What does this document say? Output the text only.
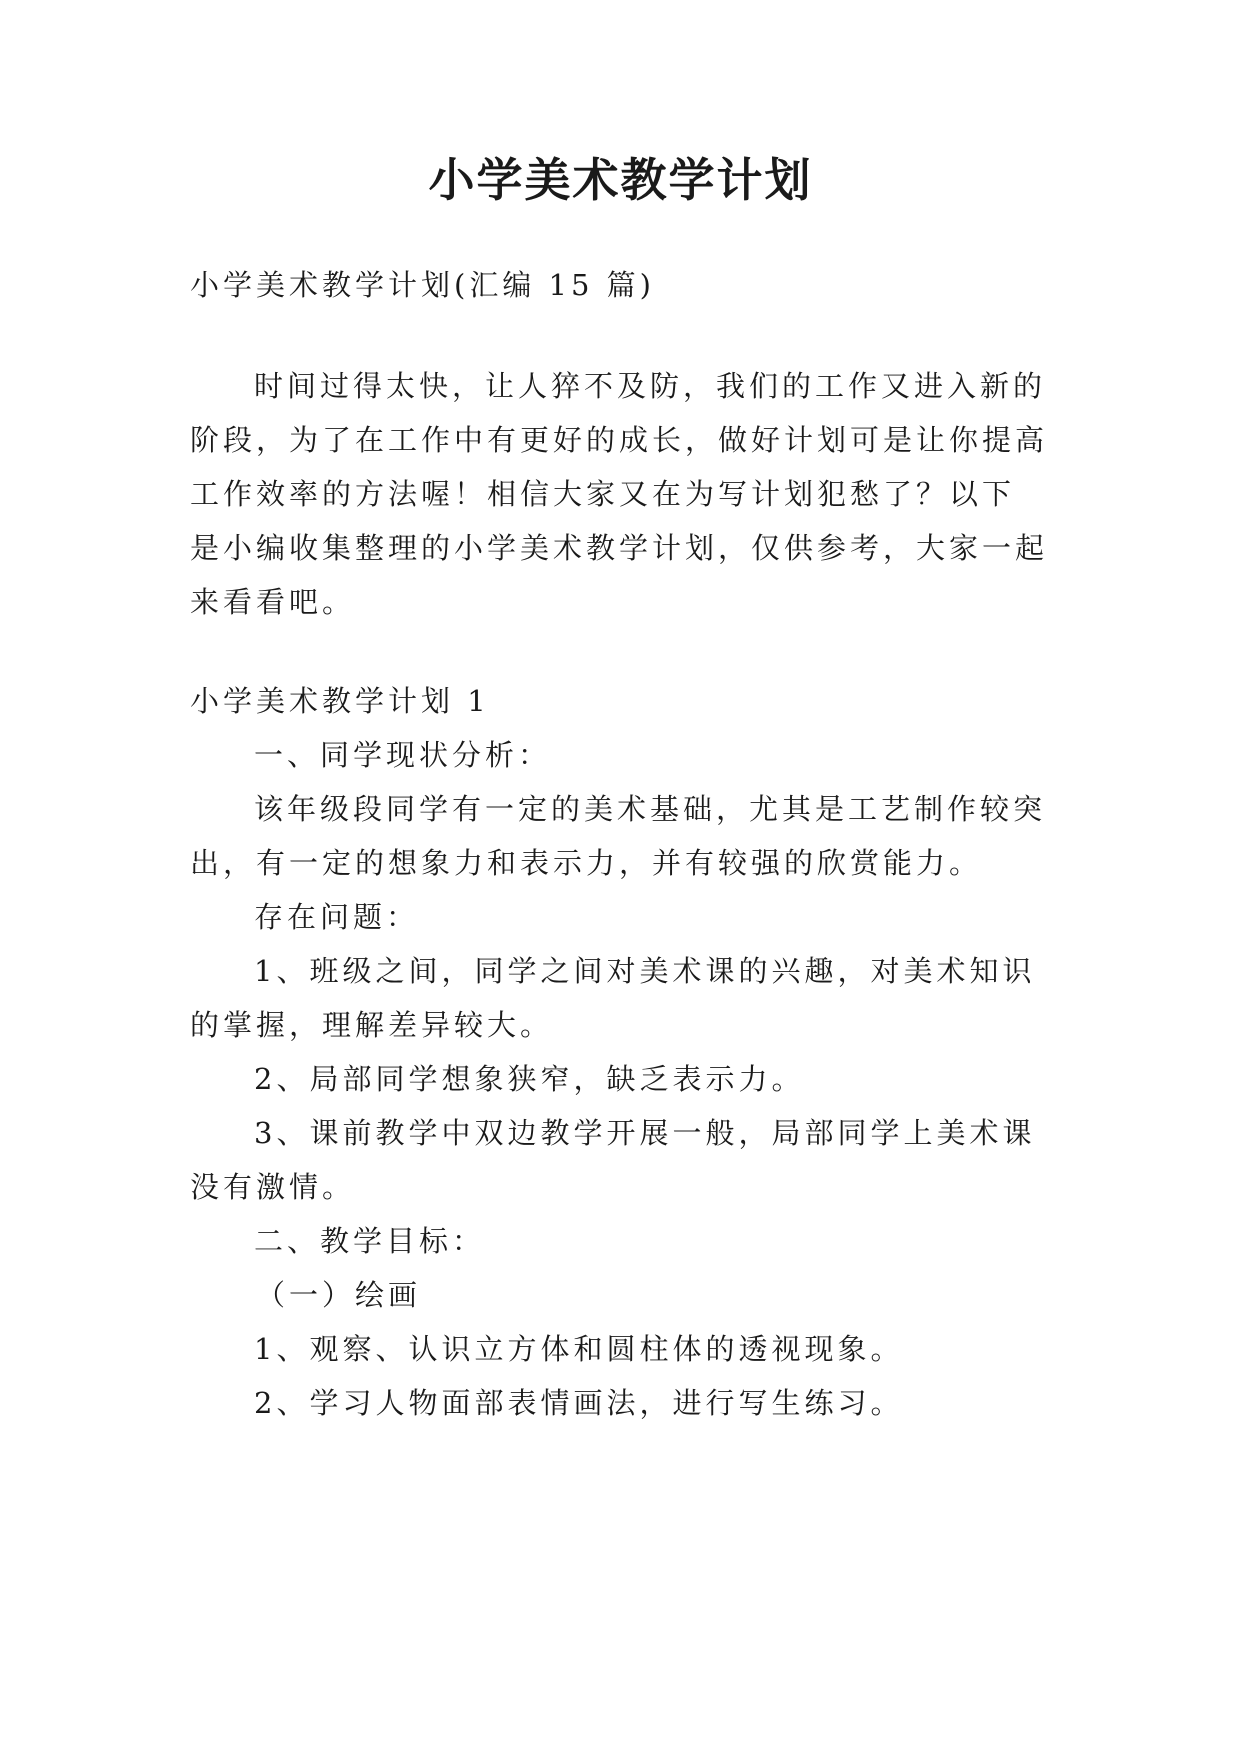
小学美术教学计划
小学美术教学计划(汇编 15 篇)
时间过得太快，让人猝不及防，我们的工作又进入新的
阶段，为了在工作中有更好的成长，做好计划可是让你提高
工作效率的方法喔！相信大家又在为写计划犯愁了？以下
是小编收集整理的小学美术教学计划，仅供参考，大家一起
来看看吧。
小学美术教学计划 1
一、同学现状分析：
该年级段同学有一定的美术基础，尤其是工艺制作较突
出，有一定的想象力和表示力，并有较强的欣赏能力。
存在问题：
1、班级之间，同学之间对美术课的兴趣，对美术知识
的掌握，理解差异较大。
2、局部同学想象狭窄，缺乏表示力。
3、课前教学中双边教学开展一般，局部同学上美术课
没有激情。
二、教学目标：
（一）绘画
1、观察、认识立方体和圆柱体的透视现象。
2、学习人物面部表情画法，进行写生练习。
